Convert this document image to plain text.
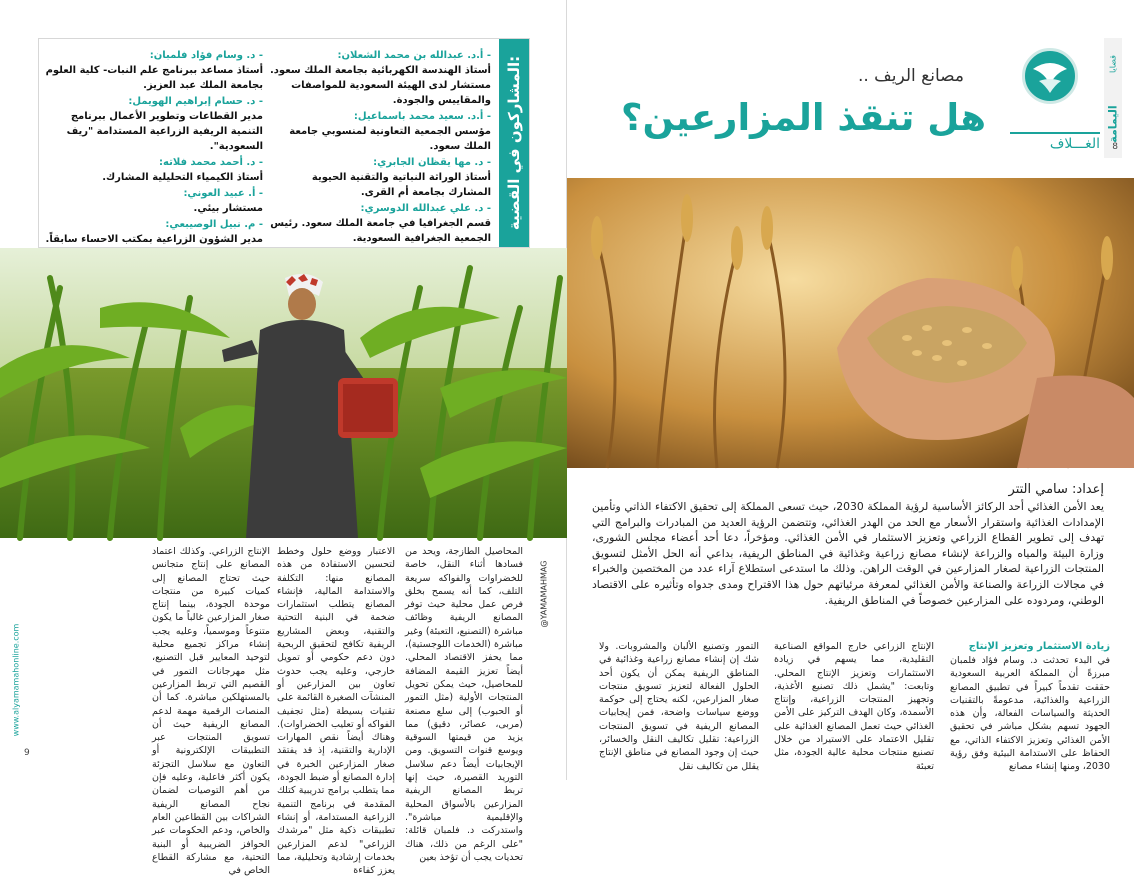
المشاركون في القضية:
- أ.د. عبدالله بن محمد الشعلان:
أستاذ الهندسة الكهربائية بجامعة الملك سعود. مستشار لدى الهيئة السعودية للمواصفات والمقاييس والجودة.
- أ.د. سعيد محمد باسماعيل:
مؤسس الجمعية التعاونية لمنسوبي جامعة الملك سعود.
- د. مها يقظان الجابري:
أستاذ الوراثة النباتية والتقنية الحيوية المشارك بجامعة أم القرى.
- د. علي عبدالله الدوسري:
قسم الجغرافيا في جامعة الملك سعود. رئيس الجمعية الجغرافية السعودية.
- د. وسام فؤاد فلمبان:
أستاذ مساعد ببرنامج علم النبات- كلية العلوم بجامعة الملك عبد العزيز.
- د. حسام إبراهيم الهويمل:
مدير القطاعات وتطوير الأعمال ببرنامج التنمية الريفية الزراعية المستدامة "ريف السعودية".
- د. أحمد محمد فلاته:
أستاذ الكيمياء التحليلية المشارك.
- أ. عبيد العوني:
مستشار بيئي.
- م. نبيل الوصيبعي:
مدير الشؤون الزراعية بمكتب الاحساء سابقاً.
@YAMAMAHMAG
المحاصيل الطازجة، ويحد من فسادها أثناء النقل، خاصة للخضراوات والفواكه سريعة التلف، كما أنه يسمح بخلق فرص عمل محلية حيث توفر المصانع الريفية وظائف مباشرة (التصنيع، التعبئة) وغير مباشرة (الخدمات اللوجستية)، مما يحفز الاقتصاد المحلي. أيضاً تعزيز القيمة المضافة للمحاصيل، حيث يمكن تحويل المنتجات الأولية (مثل التمور أو الحبوب) إلى سلع مصنعة (مربى، عصائر، دقيق) مما يزيد من قيمتها السوقية ويوسع قنوات التسويق. ومن الإيجابيات أيضاً دعم سلاسل التوريد القصيرة، حيث إنها تربط المصانع الريفية المزارعين بالأسواق المحلية والإقليمية مباشرة". واستدركت د. فلمبان قائلة: "على الرغم من ذلك، هناك تحديات يجب أن تؤخذ بعين
الاعتبار ووضع حلول وخطط لتحسين الاستفادة من هذه المصانع منها: التكلفة والاستدامة المالية، فإنشاء المصانع يتطلب استثمارات ضخمة في البنية التحتية والتقنية، وبعض المشاريع الريفية تكافح لتحقيق الربحية دون دعم حكومي أو تمويل خارجي، وعليه يجب حدوث تعاون بين المزارعين أو المنشآت الصغيرة القائمة على تقنيات بسيطة (مثل تجفيف الفواكه أو تعليب الخضراوات). وهناك أيضاً نقص المهارات الإدارية والتقنية، إذ قد يفتقد صغار المزارعين الخبرة في إدارة المصانع أو ضبط الجودة، مما يتطلب برامج تدريبية كتلك المقدمة في برنامج التنمية الزراعية المستدامة، أو إنشاء تطبيقات ذكية مثل "مرشدك الزراعي" لدعم المزارعين بخدمات إرشادية وتحليلية، مما يعزز كفاءة
الإنتاج الزراعي. وكذلك اعتماد المصانع على إنتاج متجانس حيث تحتاج المصانع إلى كميات كبيرة من منتجات موحدة الجودة، بينما إنتاج صغار المزارعين غالباً ما يكون متنوعاً وموسمياً، وعليه يجب إنشاء مراكز تجميع محلية لتوحيد المعايير قبل التصنيع، مثل مهرجانات التمور في القصيم التي تربط المزارعين بالمستهلكين مباشرة. كما أن المنصات الرقمية مهمة لدعم المصانع الريفية حيث أن تسويق المنتجات عبر التطبيقات الإلكترونية أو التعاون مع سلاسل التجزئة يكون أكثر فاعلية، وعليه فإن من أهم التوصيات لضمان نجاح المصانع الريفية الشراكات بين القطاعين العام والخاص، ودعم الحكومات عبر الحوافز الضريبية أو البنية التحتية، مع مشاركة القطاع الخاص في
www.alyamamahonline.com
9
قضايا
اليمامة
8
الغـــلاف
مصانع الريف ..
هل تنقذ المزارعين؟
إعداد: سامي التتر
يعد الأمن الغذائي أحد الركائز الأساسية لرؤية المملكة 2030، حيث تسعى المملكة إلى تحقيق الاكتفاء الذاتي وتأمين الإمدادات الغذائية واستقرار الأسعار مع الحد من الهدر الغذائي، وتتضمن الرؤية العديد من المبادرات والبرامج التي تهدف إلى تطوير القطاع الزراعي وتعزيز الاستثمار في الأمن الغذائي. ومؤخراً، دعا أحد أعضاء مجلس الشورى، وزارة البيئة والمياه والزراعة لإنشاء مصانع زراعية وغذائية في المناطق الريفية، بداعي أنه الحل الأمثل لتسويق المنتجات الزراعية لصغار المزارعين في الوقت الراهن. وذلك ما استدعى استطلاع آراء عدد من المختصين والخبراء في مجالات الزراعة والصناعة والأمن الغذائي لمعرفة مرئياتهم حول هذا الاقتراح ومدى جدواه وتأثيره على الاقتصاد الوطني، ومردوده على المزارعين خصوصاً في المناطق الريفية.
زيادة الاستثمار وتعزيز الإنتاج
في البدء تحدثت د. وسام فؤاد فلمبان مبرزةً أن المملكة العربية السعودية حققت تقدماً كبيراً في تطبيق المصانع الزراعية والغذائية، مدعومةً بالتقنيات الحديثة والسياسات الفعالة، وأن هذه الجهود تسهم بشكل مباشر في تحقيق الأمن الغذائي وتعزيز الاكتفاء الذاتي، مع الحفاظ على الاستدامة البيئية وفق رؤية 2030، ومنها إنشاء مصانع
الإنتاج الزراعي خارج المواقع الصناعية التقليدية، مما يسهم في زيادة الاستثمارات وتعزيز الإنتاج المحلي. وتابعت: "يشمل ذلك تصنيع الأغذية، وتجهيز المنتجات الزراعية، وإنتاج الأسمدة، وكان الهدف التركيز على الأمن الغذائي حيث تعمل المصانع الغذائية على تقليل الاعتماد على الاستيراد من خلال تصنيع منتجات محلية عالية الجودة، مثل تعبئة
التمور وتصنيع الألبان والمشروبات. ولا شك إن إنشاء مصانع زراعية وغذائية في المناطق الريفية يمكن أن يكون أحد الحلول الفعالة لتعزيز تسويق منتجات صغار المزارعين، لكنه يحتاج إلى حوكمة ووضع سياسات واضحة، فمن إيجابيات المصانع الريفية في تسويق المنتجات الزراعية: تقليل تكاليف النقل والخسائر، حيث إن وجود المصانع في مناطق الإنتاج يقلل من تكاليف نقل
